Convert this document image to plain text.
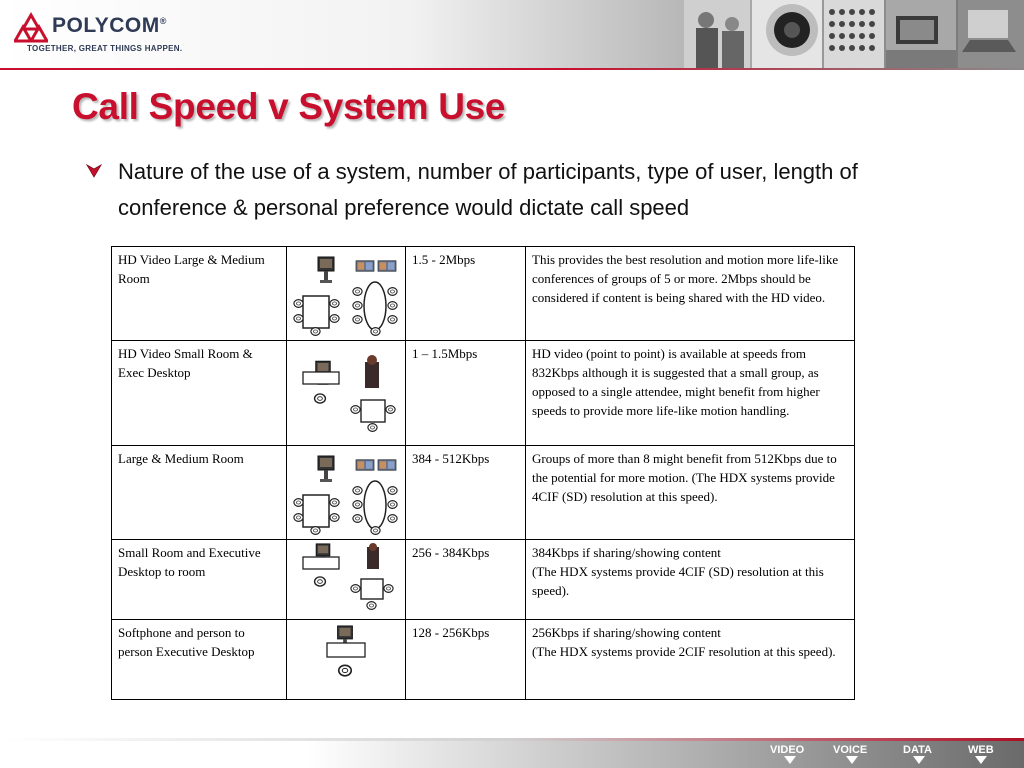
POLYCOM®
TOGETHER, GREAT THINGS HAPPEN.
Call Speed v System Use

Nature of the use of a system, number of participants, type of user, length of conference & personal preference would dictate call speed

HD Video Large & Medium Room		1.5 - 2Mbps	This provides the best resolution and motion more life-like conferences of groups of 5 or more. 2Mbps should be considered if content is being shared with the HD video.
HD Video Small Room & Exec Desktop		1 – 1.5Mbps	HD video (point to point) is available at speeds from 832Kbps although it is suggested that a small group, as opposed to a single attendee, might benefit from higher speeds to provide more life-like motion handling.
Large & Medium Room		384 - 512Kbps	Groups of more than 8 might benefit from 512Kbps due to the potential for more motion. (The HDX systems provide 4CIF (SD) resolution at this speed).
Small Room and Executive Desktop to room		256 - 384Kbps	384Kbps if sharing/showing content
(The HDX systems provide 4CIF (SD) resolution at this speed).
Softphone and person to person Executive Desktop		128 - 256Kbps	256Kbps if sharing/showing content
(The HDX systems provide 2CIF resolution at this speed).
VIDEO	VOICE	DATA	WEB
